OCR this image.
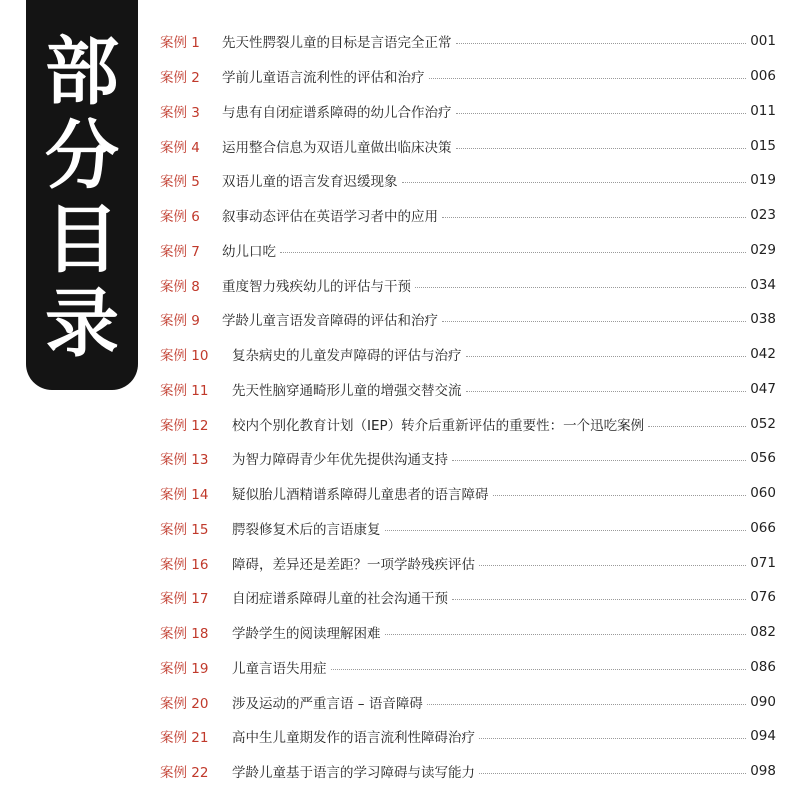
部
分
目
录
案例 1	先天性腭裂儿童的目标是言语完全正常	001
案例 2	学前儿童语言流利性的评估和治疗	006
案例 3	与患有自闭症谱系障碍的幼儿合作治疗	011
案例 4	运用整合信息为双语儿童做出临床决策	015
案例 5	双语儿童的语言发育迟缓现象	019
案例 6	叙事动态评估在英语学习者中的应用	023
案例 7	幼儿口吃	029
案例 8	重度智力残疾幼儿的评估与干预	034
案例 9	学龄儿童言语发音障碍的评估和治疗	038
案例 10	复杂病史的儿童发声障碍的评估与治疗	042
案例 11	先天性脑穿通畸形儿童的增强交替交流	047
案例 12	校内个别化教育计划（IEP）转介后重新评估的重要性：一个迅吃案例	052
案例 13	为智力障碍青少年优先提供沟通支持	056
案例 14	疑似胎儿酒精谱系障碍儿童患者的语言障碍	060
案例 15	腭裂修复术后的言语康复	066
案例 16	障碍，差异还是差距？一项学龄残疾评估	071
案例 17	自闭症谱系障碍儿童的社会沟通干预	076
案例 18	学龄学生的阅读理解困难	082
案例 19	儿童言语失用症	086
案例 20	涉及运动的严重言语 – 语音障碍	090
案例 21	高中生儿童期发作的语言流利性障碍治疗	094
案例 22	学龄儿童基于语言的学习障碍与读写能力	098
